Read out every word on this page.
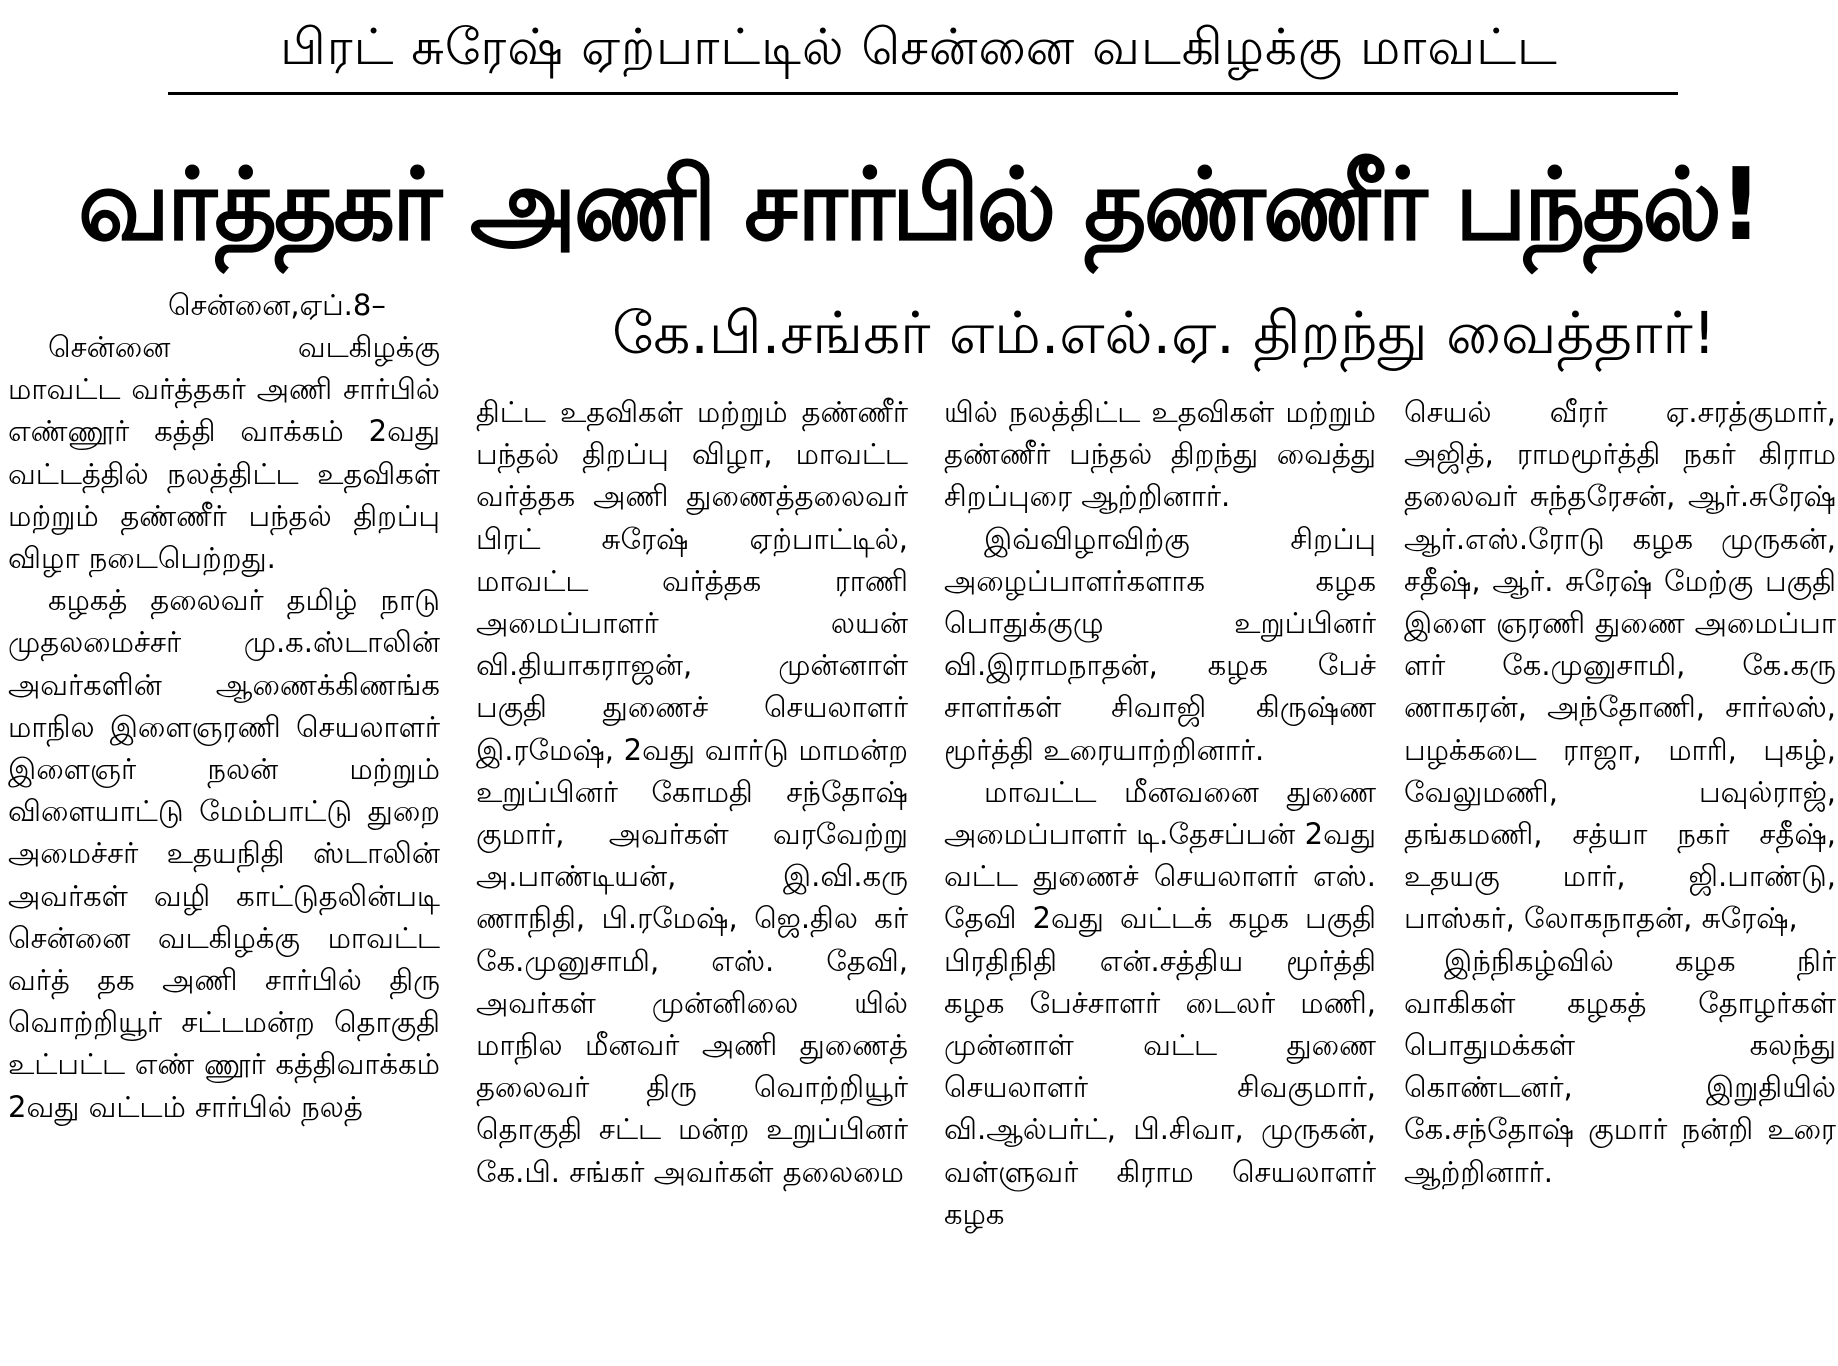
பிரட் சுரேஷ் ஏற்பாட்டில் சென்னை வடகிழக்கு மாவட்ட
வர்த்தகர் அணி சார்பில் தண்ணீர் பந்தல்!
கே.பி.சங்கர் எம்.எல்.ஏ. திறந்து வைத்தார்!
சென்னை,ஏப்.8–

சென்னை வடகிழக்கு மாவட்ட வர்த்தகர் அணி சார்பில் எண்ணூர் கத்தி வாக்கம் 2வது வட்டத்தில் நலத்திட்ட உதவிகள் மற்றும் தண்ணீர் பந்தல் திறப்பு விழா நடைபெற்றது.

கழகத் தலைவர் தமிழ் நாடு முதலமைச்சர் மு.க.ஸ்டாலின் அவர்களின் ஆணைக்கிணங்க மாநில இளைஞரணி செயலாளர் இளைஞர் நலன் மற்றும் விளையாட்டு மேம்பாட்டு துறை அமைச்சர் உதயநிதி ஸ்டாலின் அவர்கள் வழி காட்டுதலின்படி சென்னை வடகிழக்கு மாவட்ட வர்த் தக அணி சார்பில் திரு வொற்றியூர் சட்டமன்ற தொகுதி உட்பட்ட எண் ணூர் கத்திவாக்கம் 2வது வட்டம் சார்பில் நலத்

திட்ட உதவிகள் மற்றும் தண்ணீர் பந்தல் திறப்பு விழா, மாவட்ட வர்த்தக அணி துணைத்தலைவர் பிரட் சுரேஷ் ஏற்பாட்டில், மாவட்ட வர்த்தக ராணி அமைப்பாளர் லயன் வி.தியாகராஜன், முன்னாள் பகுதி துணைச் செயலாளர் இ.ரமேஷ், 2வது வார்டு மாமன்ற உறுப்பினர் கோமதி சந்தோஷ் குமார், அவர்கள் வரவேற்று அ.பாண்டியன், இ.வி.கரு ணாநிதி, பி.ரமேஷ், ஜெ.தில கர் கே.முனுசாமி, எஸ். தேவி, அவர்கள் முன்னிலை யில் மாநில மீனவர் அணி துணைத் தலைவர் திரு வொற்றியூர் தொகுதி சட்ட மன்ற உறுப்பினர் கே.பி. சங்கர் அவர்கள் தலைமை

யில் நலத்திட்ட உதவிகள் மற்றும் தண்ணீர் பந்தல் திறந்து வைத்து சிறப்புரை ஆற்றினார்.

இவ்விழாவிற்கு சிறப்பு அழைப்பாளர்களாக கழக பொதுக்குழு உறுப்பினர் வி.இராமநாதன், கழக பேச் சாளர்கள் சிவாஜி கிருஷ்ண மூர்த்தி உரையாற்றினார்.

மாவட்ட மீனவனை துணை அமைப்பாளர் டி.தேசப்பன் 2வது வட்ட துணைச் செயலாளர் எஸ். தேவி 2வது வட்டக் கழக பகுதி பிரதிநிதி என்.சத்திய மூர்த்தி கழக பேச்சாளர் டைலர் மணி, முன்னாள் வட்ட துணை செயலாளர் சிவகுமார், வி.ஆல்பர்ட், பி.சிவா, முருகன், வள்ளுவர் கிராம செயலாளர் கழக

செயல் வீரர் ஏ.சரத்குமார், அஜித், ராமமூர்த்தி நகர் கிராம தலைவர் சுந்தரேசன், ஆர்.சுரேஷ் ஆர்.எஸ்.ரோடு கழக முருகன், சதீஷ், ஆர். சுரேஷ் மேற்கு பகுதி இளை ஞரணி துணை அமைப்பா ளர் கே.முனுசாமி, கே.கரு ணாகரன், அந்தோணி, சார்லஸ், பழக்கடை ராஜா, மாரி, புகழ், வேலுமணி, பவுல்ராஜ், தங்கமணி, சத்யா நகர் சதீஷ், உதயகு மார், ஜி.பாண்டு, பாஸ்கர், லோகநாதன், சுரேஷ்,

இந்நிகழ்வில் கழக நிர் வாகிகள் கழகத் தோழர்கள் பொதுமக்கள் கலந்து கொண்டனர், இறுதியில் கே.சந்தோஷ் குமார் நன்றி உரை ஆற்றினார்.
